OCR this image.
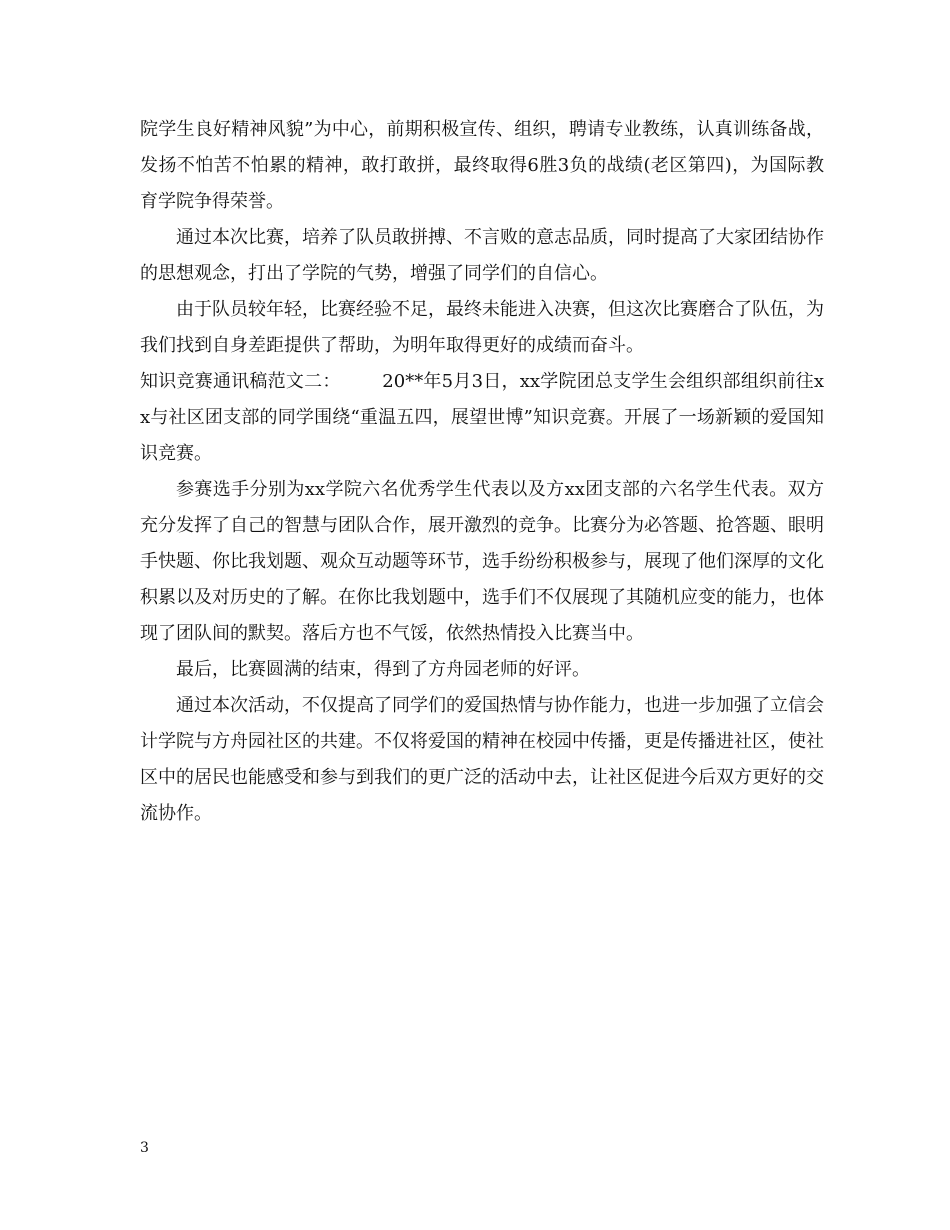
院学生良好精神风貌”为中心，前期积极宣传、组织，聘请专业教练，认真训练备战，发扬不怕苦不怕累的精神，敢打敢拼，最终取得6胜3负的战绩(老区第四)，为国际教育学院争得荣誉。

通过本次比赛，培养了队员敢拼搏、不言败的意志品质，同时提高了大家团结协作的思想观念，打出了学院的气势，增强了同学们的自信心。

由于队员较年轻，比赛经验不足，最终未能进入决赛，但这次比赛磨合了队伍，为我们找到自身差距提供了帮助，为明年取得更好的成绩而奋斗。

知识竞赛通讯稿范文二： 20**年5月3日，xx学院团总支学生会组织部组织前往xx与社区团支部的同学围绕“重温五四，展望世博”知识竞赛。开展了一场新颖的爱国知识竞赛。

参赛选手分别为xx学院六名优秀学生代表以及方xx团支部的六名学生代表。双方充分发挥了自己的智慧与团队合作，展开激烈的竞争。比赛分为必答题、抢答题、眼明手快题、你比我划题、观众互动题等环节，选手纷纷积极参与，展现了他们深厚的文化积累以及对历史的了解。在你比我划题中，选手们不仅展现了其随机应变的能力，也体现了团队间的默契。落后方也不气馁，依然热情投入比赛当中。

最后，比赛圆满的结束，得到了方舟园老师的好评。

通过本次活动，不仅提高了同学们的爱国热情与协作能力，也进一步加强了立信会计学院与方舟园社区的共建。不仅将爱国的精神在校园中传播，更是传播进社区，使社区中的居民也能感受和参与到我们的更广泛的活动中去，让社区促进今后双方更好的交流协作。

3
